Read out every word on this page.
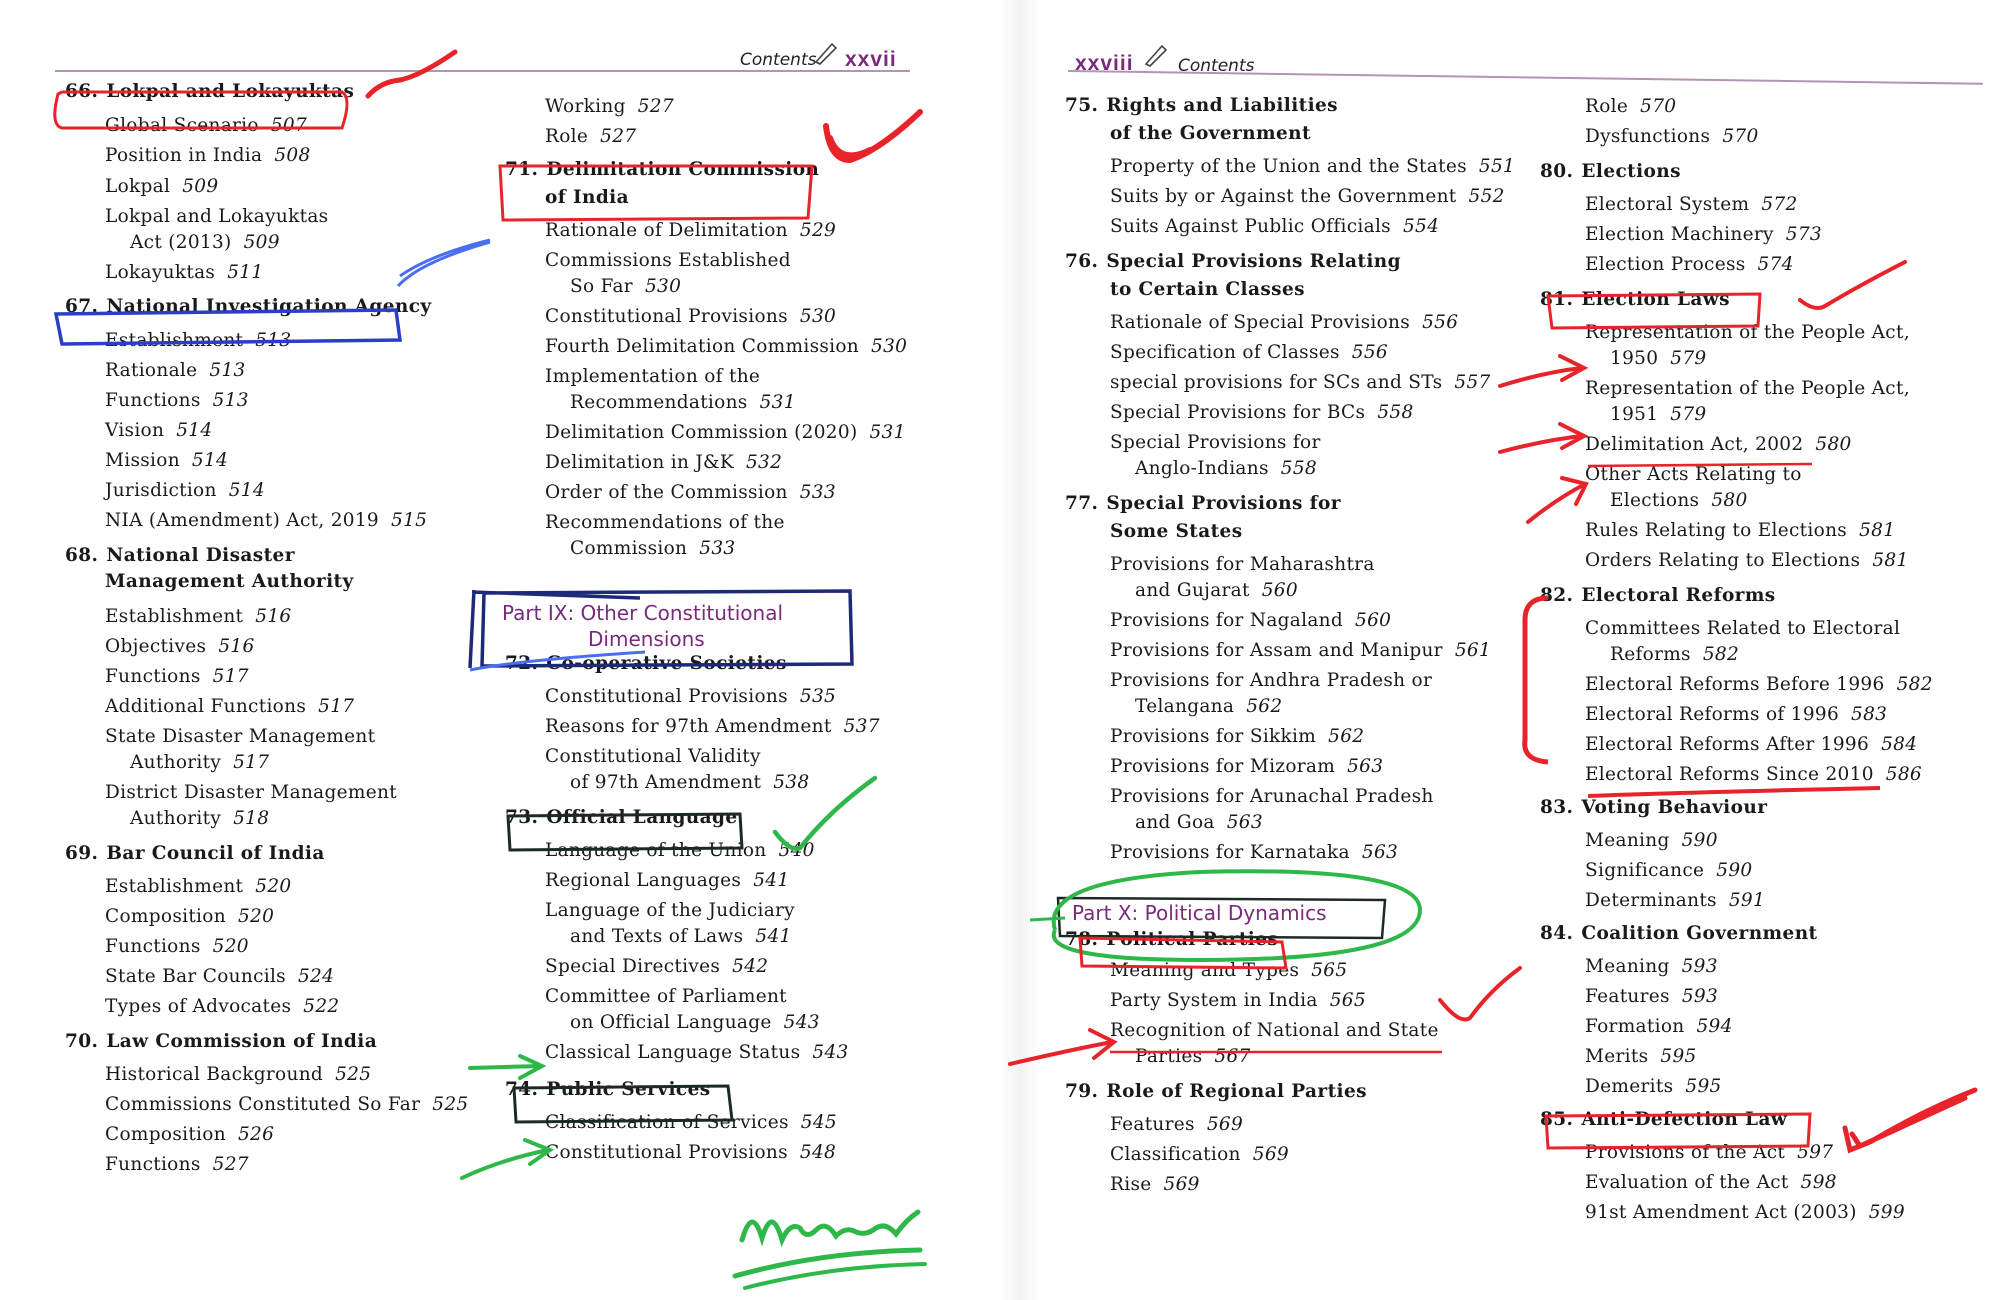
Contents xxvii
66. Lokpal and Lokayuktas
Global Scenario 507
Position in India 508
Lokpal 509
Lokpal and Lokayuktas
Act (2013) 509
Lokayuktas 511
67. National Investigation Agency
Establishment 513
Rationale 513
Functions 513
Vision 514
Mission 514
Jurisdiction 514
NIA (Amendment) Act, 2019 515
68. National Disaster
Management Authority
Establishment 516
Objectives 516
Functions 517
Additional Functions 517
State Disaster Management
Authority 517
District Disaster Management
Authority 518
69. Bar Council of India
Establishment 520
Composition 520
Functions 520
State Bar Councils 524
Types of Advocates 522
70. Law Commission of India
Historical Background 525
Commissions Constituted So Far 525
Composition 526
Functions 527
Working 527
Role 527
71. Delimitation Commission
of India
Rationale of Delimitation 529
Commissions Established
So Far 530
Constitutional Provisions 530
Fourth Delimitation Commission 530
Implementation of the
Recommendations 531
Delimitation Commission (2020) 531
Delimitation in J&K 532
Order of the Commission 533
Recommendations of the
Commission 533
72. Co-operative Societies
Constitutional Provisions 535
Reasons for 97th Amendment 537
Constitutional Validity
of 97th Amendment 538
73. Official Language
Language of the Union 540
Regional Languages 541
Language of the Judiciary
and Texts of Laws 541
Special Directives 542
Committee of Parliament
on Official Language 543
Classical Language Status 543
74. Public Services
Classification of Services 545
Constitutional Provisions 548
Part IX: Other Constitutional
Dimensions
xxviii	Contents
Part X: Political Dynamics
75. Rights and Liabilities
of the Government
Property of the Union and the States 551
Suits by or Against the Government 552
Suits Against Public Officials 554
76. Special Provisions Relating
to Certain Classes
Rationale of Special Provisions 556
Specification of Classes 556
special provisions for SCs and STs 557
Special Provisions for BCs 558
Special Provisions for
Anglo-Indians 558
77. Special Provisions for
Some States
Provisions for Maharashtra
and Gujarat 560
Provisions for Nagaland 560
Provisions for Assam and Manipur 561
Provisions for Andhra Pradesh or
Telangana 562
Provisions for Sikkim 562
Provisions for Mizoram 563
Provisions for Arunachal Pradesh
and Goa 563
Provisions for Karnataka 563
78. Political Parties
Meaning and Types 565
Party System in India 565
Recognition of National and State
Parties 567
79. Role of Regional Parties
Features 569
Classification 569
Rise 569
Role 570
Dysfunctions 570
80. Elections
Electoral System 572
Election Machinery 573
Election Process 574
81. Election Laws
Representation of the People Act,
1950 579
Representation of the People Act,
1951 579
Delimitation Act, 2002 580
Other Acts Relating to
Elections 580
Rules Relating to Elections 581
Orders Relating to Elections 581
82. Electoral Reforms
Committees Related to Electoral
Reforms 582
Electoral Reforms Before 1996 582
Electoral Reforms of 1996 583
Electoral Reforms After 1996 584
Electoral Reforms Since 2010 586
83. Voting Behaviour
Meaning 590
Significance 590
Determinants 591
84. Coalition Government
Meaning 593
Features 593
Formation 594
Merits 595
Demerits 595
85. Anti-Defection Law
Provisions of the Act 597
Evaluation of the Act 598
91st Amendment Act (2003) 599
Manu
